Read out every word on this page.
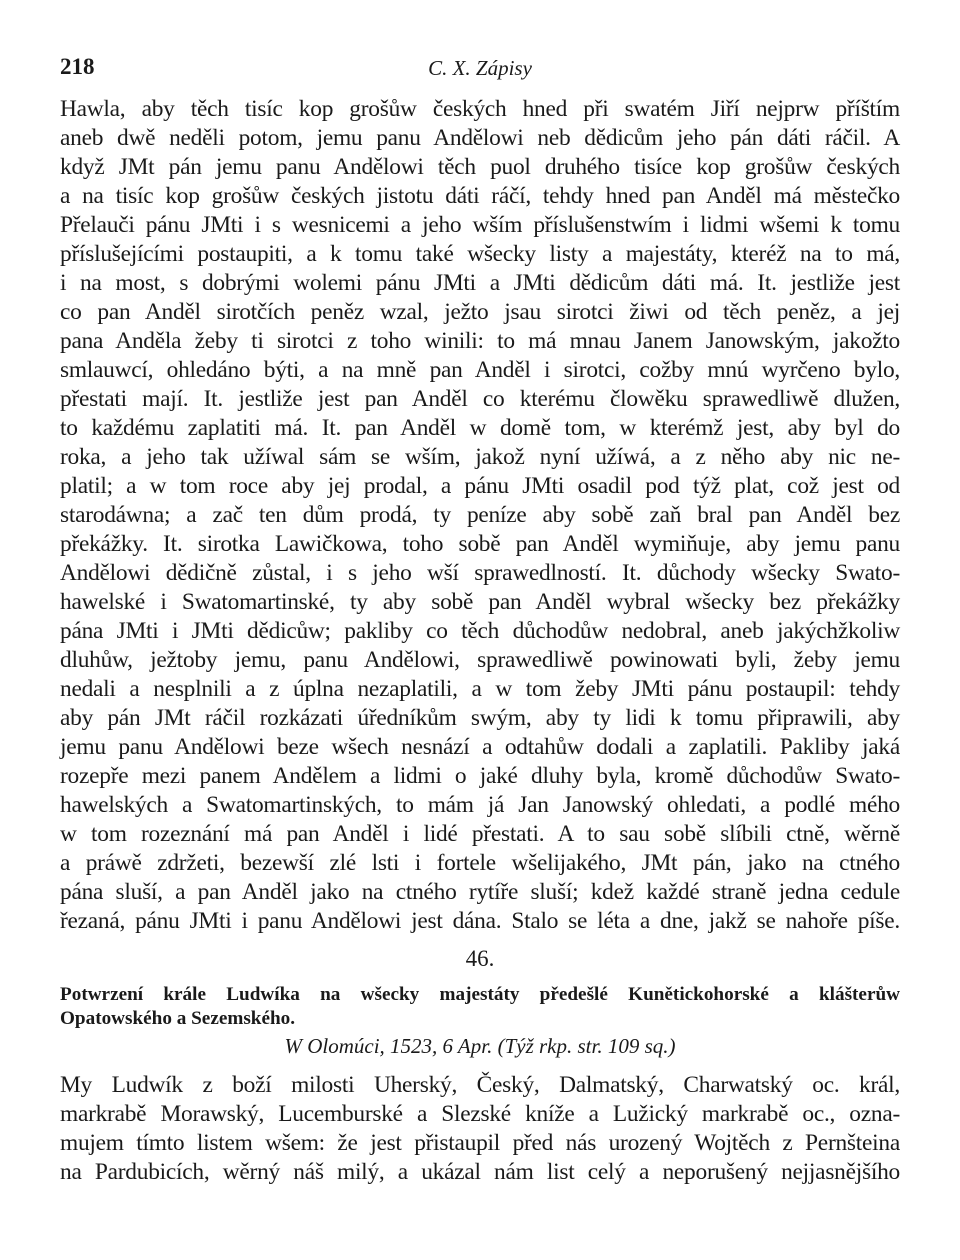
218	C. X. Zápisy
Hawla, aby těch tisíc kop grošůw českých hned při swatém Jiří nejprw příštím
aneb dwě neděli potom, jemu panu Andělowi neb dědicům jeho pán dáti ráčil. A
když JMt pán jemu panu Andělowi těch puol druhého tisíce kop grošůw českých
a na tisíc kop grošůw českých jistotu dáti ráčí, tehdy hned pan Anděl má městečko
Přelauči pánu JMti i s wesnicemi a jeho wším příslušenstwím i lidmi wšemi k tomu
příslušejícími postaupiti, a k tomu také wšecky listy a majestáty, kteréž na to má,
i na most, s dobrými wolemi pánu JMti a JMti dědicům dáti má. It. jestliže jest
co pan Anděl sirotčích peněz wzal, ježto jsau sirotci žiwi od těch peněz, a jej
pana Anděla žeby ti sirotci z toho winili: to má mnau Janem Janowským, jakožto
smlauwcí, ohledáno býti, a na mně pan Anděl i sirotci, cožby mnú wyrčeno bylo,
přestati mají. It. jestliže jest pan Anděl co kterému člowěku sprawedliwě dlužen,
to každému zaplatiti má. It. pan Anděl w domě tom, w kterémž jest, aby byl do
roka, a jeho tak užíwal sám se wším, jakož nyní užíwá, a z něho aby nic ne-
platil; a w tom roce aby jej prodal, a pánu JMti osadil pod týž plat, což jest od
starodáwna; a zač ten dům prodá, ty peníze aby sobě zaň bral pan Anděl bez
překážky. It. sirotka Lawičkowa, toho sobě pan Anděl wymiňuje, aby jemu panu
Andělowi dědičně zůstal, i s jeho wší sprawedlností. It. důchody wšecky Swato-
hawelské i Swatomartinské, ty aby sobě pan Anděl wybral wšecky bez překážky
pána JMti i JMti dědicůw; pakliby co těch důchodůw nedobral, aneb jakýchžkoliw
dluhůw, ježtoby jemu, panu Andělowi, sprawedliwě powinowati byli, žeby jemu
nedali a nesplnili a z úplna nezaplatili, a w tom žeby JMti pánu postaupil: tehdy
aby pán JMt ráčil rozkázati úředníkům swým, aby ty lidi k tomu připrawili, aby
jemu panu Andělowi beze wšech nesnází a odtahůw dodali a zaplatili. Pakliby jaká
rozepře mezi panem Andělem a lidmi o jaké dluhy byla, kromě důchodůw Swato-
hawelských a Swatomartinských, to mám já Jan Janowský ohledati, a podlé mého
w tom rozeznání má pan Anděl i lidé přestati. A to sau sobě slíbili ctně, wěrně
a práwě zdržeti, bezewší zlé lsti i fortele wšelijakého, JMt pán, jako na ctného
pána sluší, a pan Anděl jako na ctného rytíře sluší; kdež každé straně jedna cedule
řezaná, pánu JMti i panu Andělowi jest dána. Stalo se léta a dne, jakž se nahoře píše.
46.
Potwrzení krále Ludwíka na wšecky majestáty předešlé Kunětickohorské a klášterůw
Opatowského a Sezemského.
W Olomúci, 1523, 6 Apr. (Týž rkp. str. 109 sq.)
My Ludwík z boží milosti Uherský, Český, Dalmatský, Charwatský oc. král,
markrabě Morawský, Lucemburské a Slezské kníže a Lužický markrabě oc., ozna-
mujem tímto listem wšem: že jest přistaupil před nás urozený Wojtěch z Pernšteina
na Pardubicích, wěrný náš milý, a ukázal nám list celý a neporušený nejjasnějšího
